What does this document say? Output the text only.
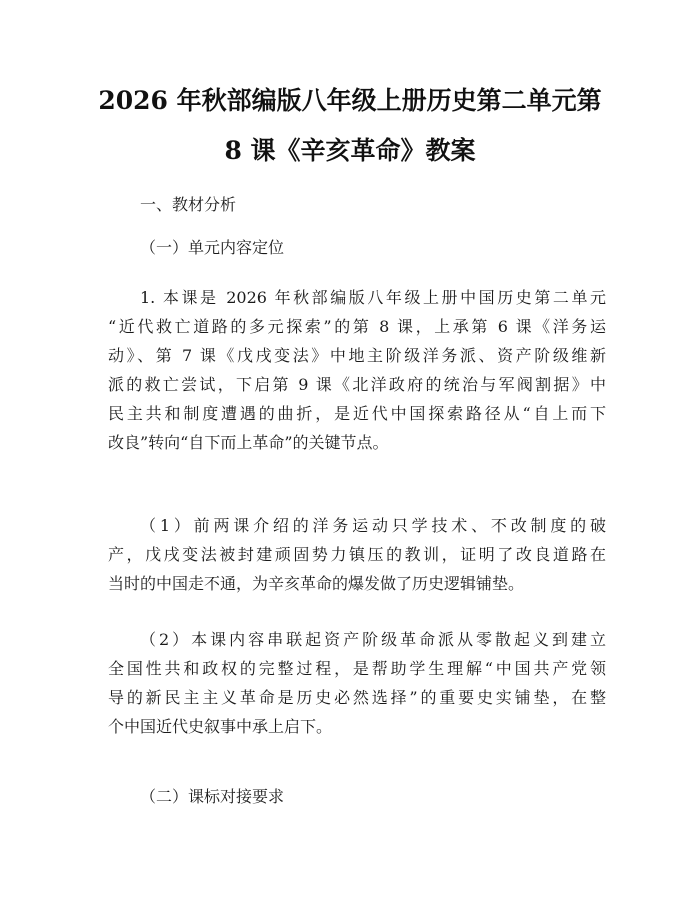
2026 年秋部编版八年级上册历史第二单元第
8 课《辛亥革命》教案
一、教材分析
（一）单元内容定位
1. 本课是 2026 年秋部编版八年级上册中国历史第二单元
“近代救亡道路的多元探索”的第 8 课，上承第 6 课《洋务运
动》、第 7 课《戊戌变法》中地主阶级洋务派、资产阶级维新
派的救亡尝试，下启第 9 课《北洋政府的统治与军阀割据》中
民主共和制度遭遇的曲折，是近代中国探索路径从“自上而下
改良”转向“自下而上革命”的关键节点。
（1）前两课介绍的洋务运动只学技术、不改制度的破
产，戊戌变法被封建顽固势力镇压的教训，证明了改良道路在
当时的中国走不通，为辛亥革命的爆发做了历史逻辑铺垫。
（2）本课内容串联起资产阶级革命派从零散起义到建立
全国性共和政权的完整过程，是帮助学生理解“中国共产党领
导的新民主主义革命是历史必然选择”的重要史实铺垫，在整
个中国近代史叙事中承上启下。
（二）课标对接要求
